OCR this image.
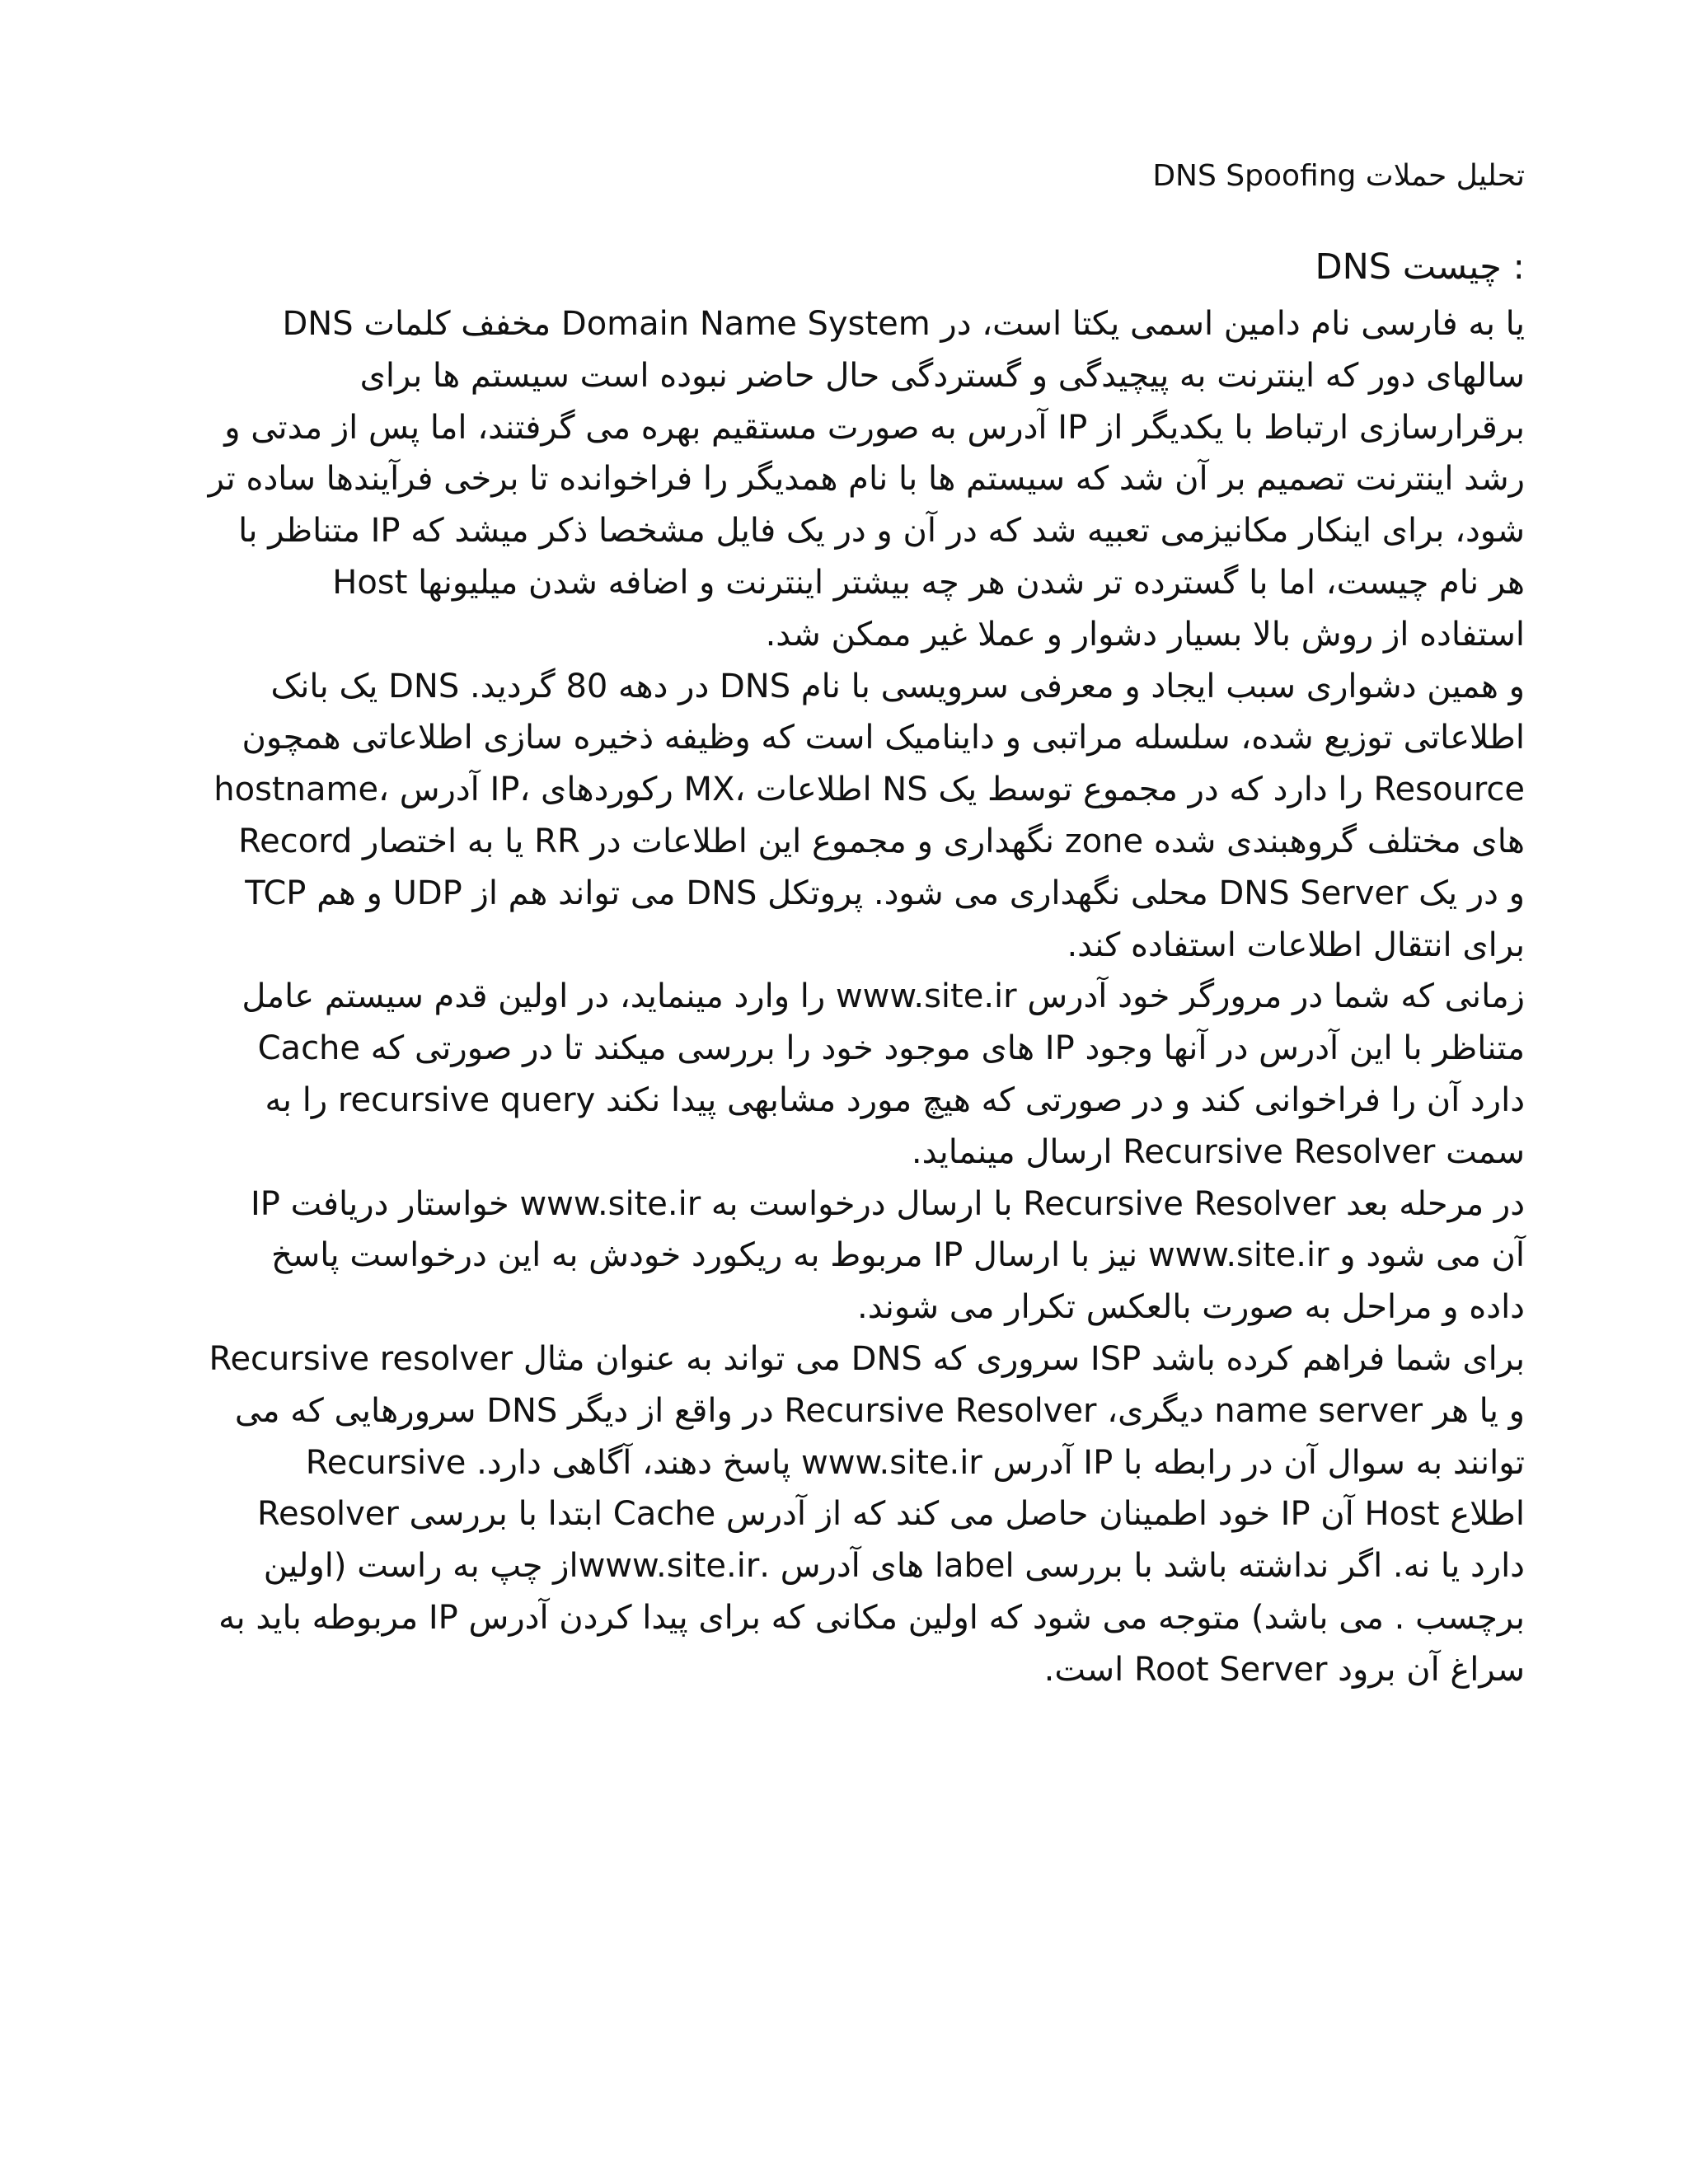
تحلیل حملات DNS Spoofing
DNS چیست :
DNS مخفف کلمات Domain Name System یا به فارسی نام دامین اسمی یکتا است، در
سالهای دور که اینترنت به پیچیدگی و گستردگی حال حاضر نبوده است سیستم ها برای
برقرارسازی ارتباط با یکدیگر از IP آدرس به صورت مستقیم بهره می گرفتند، اما پس از مدتی و
رشد اینترنت تصمیم بر آن شد که سیستم ها با نام همدیگر را فراخوانده تا برخی فرآیندها ساده تر
شود، برای اینکار مکانیزمی تعبیه شد که در آن و در یک فایل مشخصا ذکر میشد که IP متناظر با
هر نام چیست، اما با گسترده تر شدن هر چه بیشتر اینترنت و اضافه شدن میلیونها Host
استفاده از روش بالا بسیار دشوار و عملا غیر ممکن شد.
و همین دشواری سبب ایجاد و معرفی سرویسی با نام DNS در دهه 80 گردید. DNS یک بانک
اطلاعاتی توزیع شده، سلسله مراتبی و داینامیک است که وظیفه ذخیره سازی اطلاعاتی همچون
hostname، آدرس IP، رکوردهای MX، اطلاعات NS را دارد که در مجموع توسط یک Resource
Record یا به اختصار RR نگهداری و مجموع این اطلاعات در zone های مختلف گروهبندی شده
و در یک DNS Server محلی نگهداری می شود. پروتکل DNS می تواند هم از UDP و هم TCP
برای انتقال اطلاعات استفاده کند.
زمانی که شما در مرورگر خود آدرس www.site.ir را وارد مینماید، در اولین قدم سیستم عامل
Cache های موجود خود را بررسی میکند تا در صورتی که IP متناظر با این آدرس در آنها وجود
دارد آن را فراخوانی کند و در صورتی که هیچ مورد مشابهی پیدا نکند recursive query را به
سمت Recursive Resolver ارسال مینماید.
در مرحله بعد Recursive Resolver با ارسال درخواست به www.site.ir خواستار دریافت IP
آن می شود و www.site.ir نیز با ارسال IP مربوط به ریکورد خودش به این درخواست پاسخ
داده و مراحل به صورت بالعکس تکرار می شوند.
Recursive resolver می تواند به عنوان مثال DNS سروری که ISP برای شما فراهم کرده باشد
و یا هر name server دیگری، Recursive Resolver در واقع از دیگر DNS سرورهایی که می
توانند به سوال آن در رابطه با IP آدرس www.site.ir پاسخ دهند، آگاهی دارد. Recursive
Resolver ابتدا با بررسی Cache خود اطمینان حاصل می کند که از آدرس IP آن Host اطلاع
دارد یا نه. اگر نداشته باشد با بررسی label های آدرس .www.site.irاز چپ به راست (اولین
برچسب . می باشد) متوجه می شود که اولین مکانی که برای پیدا کردن آدرس IP مربوطه باید به
سراغ آن برود Root Server است.
